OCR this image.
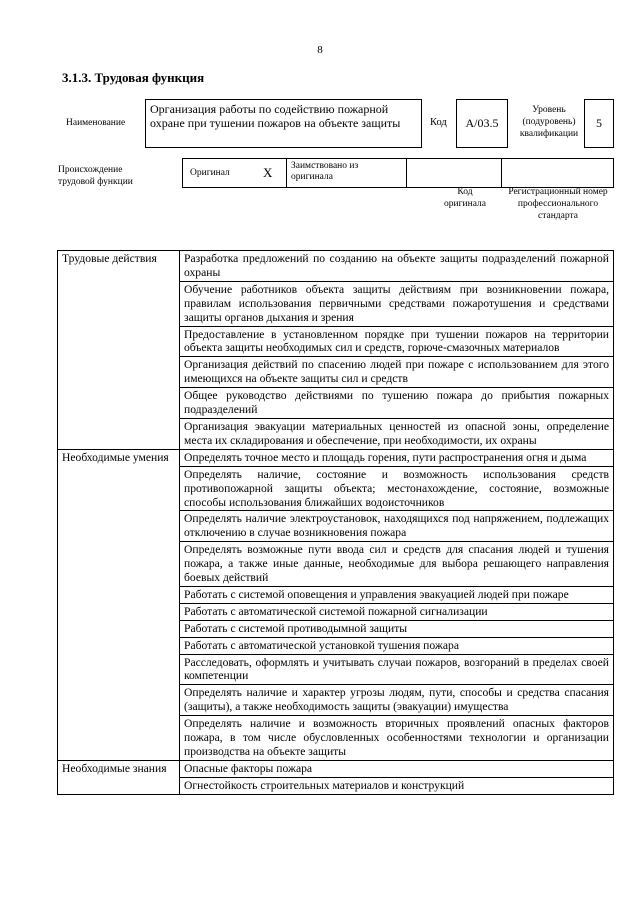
8
3.1.3. Трудовая функция
Наименование
Организация работы по содействию пожарной охране при тушении пожаров на объекте защиты	Код	А/03.5
Уровень (подуровень) квалификации
5
Происхождение трудовой функции
Оригинал	X	Заимствовано из оригинала
Код оригинала
Регистрационный номер профессионального стандарта
Трудовые действия	Разработка предложений по созданию на объекте защиты подразделений пожарной охраны
	Обучение работников объекта защиты действиям при возникновении пожара, правилам использования первичными средствами пожаротушения и средствами защиты органов дыхания и зрения
	Предоставление в установленном порядке при тушении пожаров на территории объекта защиты необходимых сил и средств, горюче-смазочных материалов
	Организация действий по спасению людей при пожаре с использованием для этого имеющихся на объекте защиты сил и средств
	Общее руководство действиями по тушению пожара до прибытия пожарных подразделений
	Организация эвакуации материальных ценностей из опасной зоны, определение места их складирования и обеспечение, при необходимости, их охраны
Необходимые умения	Определять точное место и площадь горения, пути распространения огня и дыма
	Определять наличие, состояние и возможность использования средств противопожарной защиты объекта; местонахождение, состояние, возможные способы использования ближайших водоисточников
	Определять наличие электроустановок, находящихся под напряжением, подлежащих отключению в случае возникновения пожара
	Определять возможные пути ввода сил и средств для спасания людей и тушения пожара, а также иные данные, необходимые для выбора решающего направления боевых действий
	Работать с системой оповещения и управления эвакуацией людей при пожаре
	Работать с автоматической системой пожарной сигнализации
	Работать с системой противодымной защиты
	Работать с автоматической установкой тушения пожара
	Расследовать, оформлять и учитывать случаи пожаров, возгораний в пределах своей компетенции
	Определять наличие и характер угрозы людям, пути, способы и средства спасания (защиты), а также необходимость защиты (эвакуации) имущества
	Определять наличие и возможность вторичных проявлений опасных факторов пожара, в том числе обусловленных особенностями технологии и организации производства на объекте защиты
Необходимые знания	Опасные факторы пожара
	Огнестойкость строительных материалов и конструкций
